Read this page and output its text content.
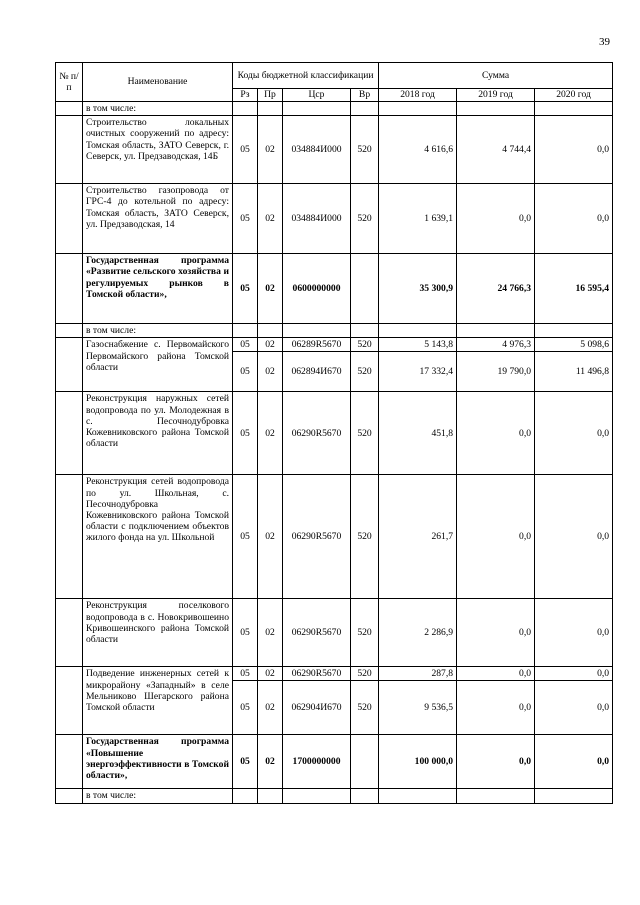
39
№ п/п	Наименование	Коды бюджетной классификации				Сумма		
		Рз	Пр	Цср	Вр	2018 год	2019 год	2020 год
	в том числе:							
	Строительство локальных очистных сооружений по адресу: Томская область, ЗАТО Северск, г. Северск, ул. Предзаводская, 14Б	05	02	034884И000	520	4 616,6	4 744,4	0,0
	Строительство газопровода от ГРС-4 до котельной по адресу: Томская область, ЗАТО Северск, ул. Предзаводская, 14	05	02	034884И000	520	1 639,1	0,0	0,0
	Государственная программа «Развитие сельского хозяйства и регулируемых рынков в Томской области»,	05	02	0600000000		35 300,9	24 766,3	16 595,4
	в том числе:							
	Газоснабжение с. Первомайского Первомайского района Томской области	05	02	06289R5670	520	5 143,8	4 976,3	5 098,6
		05	02	062894И670	520	17 332,4	19 790,0	11 496,8
	Реконструкция наружных сетей водопровода по ул. Молодежная в с. Песочнодубровка Кожевниковского района Томской области	05	02	06290R5670	520	451,8	0,0	0,0
	Реконструкция сетей водопровода по ул. Школьная, с. Песочнодубровка Кожевниковского района Томской области с подключением объектов жилого фонда на ул. Школьной	05	02	06290R5670	520	261,7	0,0	0,0
	Реконструкция поселкового водопровода в с. Новокривошеино Кривошеинского района Томской области	05	02	06290R5670	520	2 286,9	0,0	0,0
	Подведение инженерных сетей к микрорайону «Западный» в селе Мельниково Шегарского района Томской области	05	02	06290R5670	520	287,8	0,0	0,0
		05	02	062904И670	520	9 536,5	0,0	0,0
	Государственная программа «Повышение энергоэффективности в Томской области»,	05	02	1700000000		100 000,0	0,0	0,0
	в том числе:							
